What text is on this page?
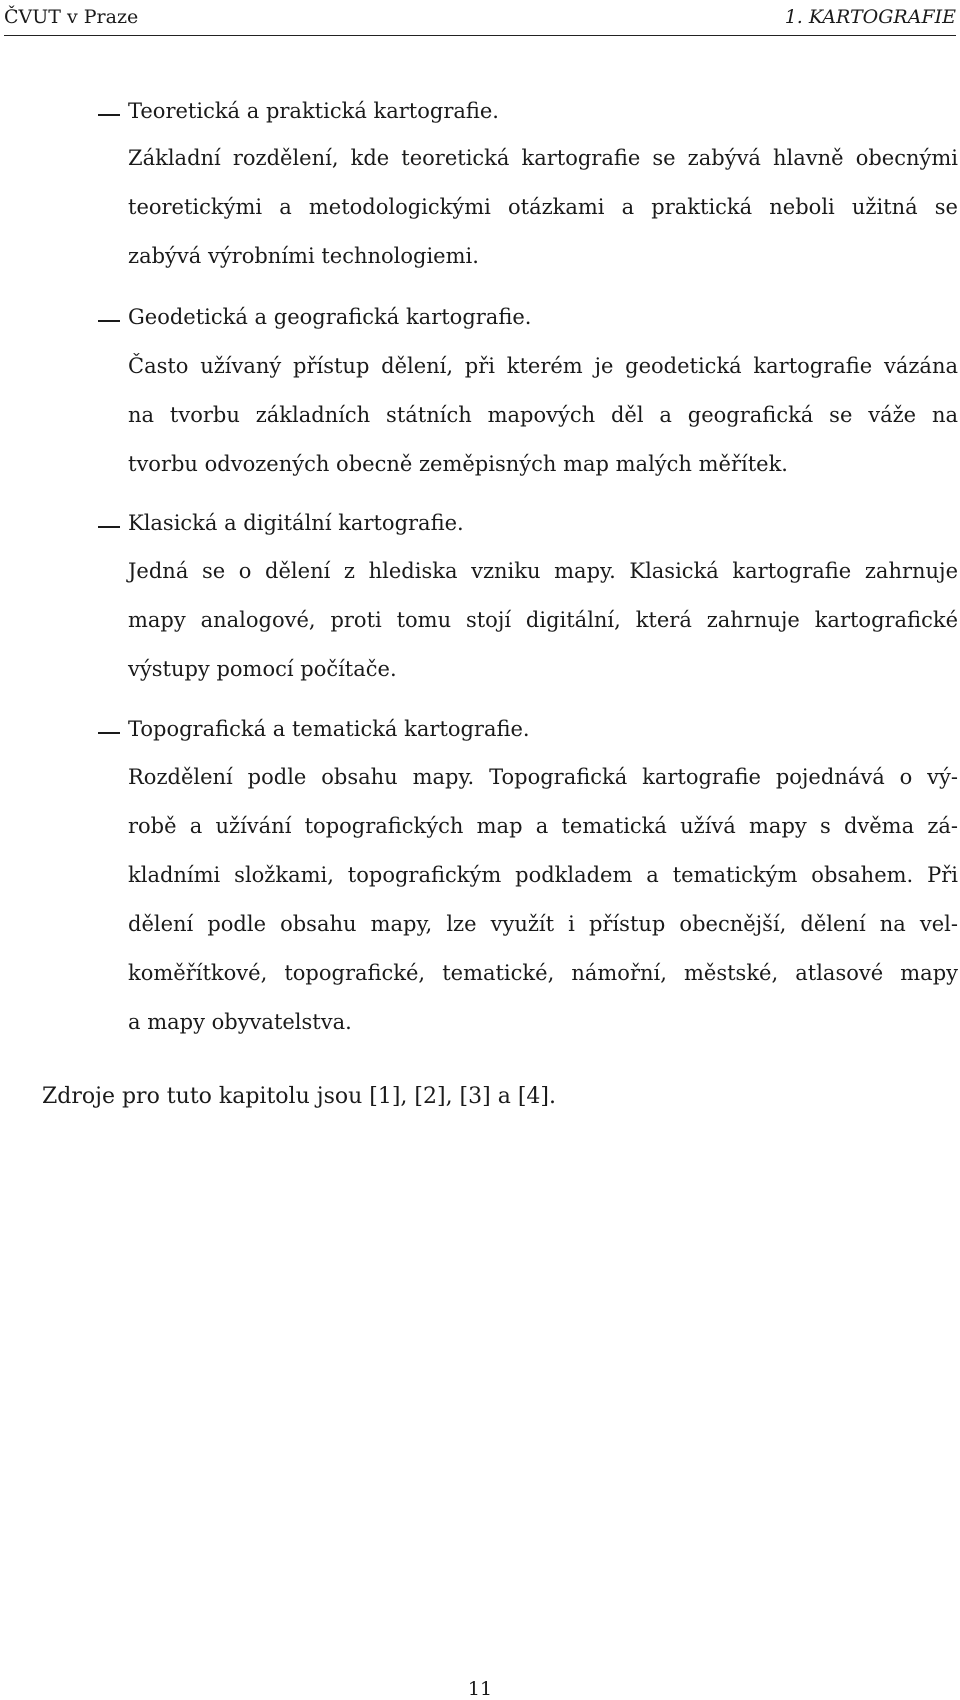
ČVUT v Praze	1. KARTOGRAFIE
Teoretická a praktická kartografie.
Základní rozdělení, kde teoretická kartografie se zabývá hlavně obecnými
teoretickými a metodologickými otázkami a praktická neboli užitná se
zabývá výrobními technologiemi.
Geodetická a geografická kartografie.
Často užívaný přístup dělení, při kterém je geodetická kartografie vázána
na tvorbu základních státních mapových děl a geografická se váže na
tvorbu odvozených obecně zeměpisných map malých měřítek.
Klasická a digitální kartografie.
Jedná se o dělení z hlediska vzniku mapy. Klasická kartografie zahrnuje
mapy analogové, proti tomu stojí digitální, která zahrnuje kartografické
výstupy pomocí počítače.
Topografická a tematická kartografie.
Rozdělení podle obsahu mapy. Topografická kartografie pojednává o vý-
robě a užívání topografických map a tematická užívá mapy s dvěma zá-
kladními složkami, topografickým podkladem a tematickým obsahem. Při
dělení podle obsahu mapy, lze využít i přístup obecnější, dělení na vel-
koměřítkové, topografické, tematické, námořní, městské, atlasové mapy
a mapy obyvatelstva.
Zdroje pro tuto kapitolu jsou [1], [2], [3] a [4].
11
